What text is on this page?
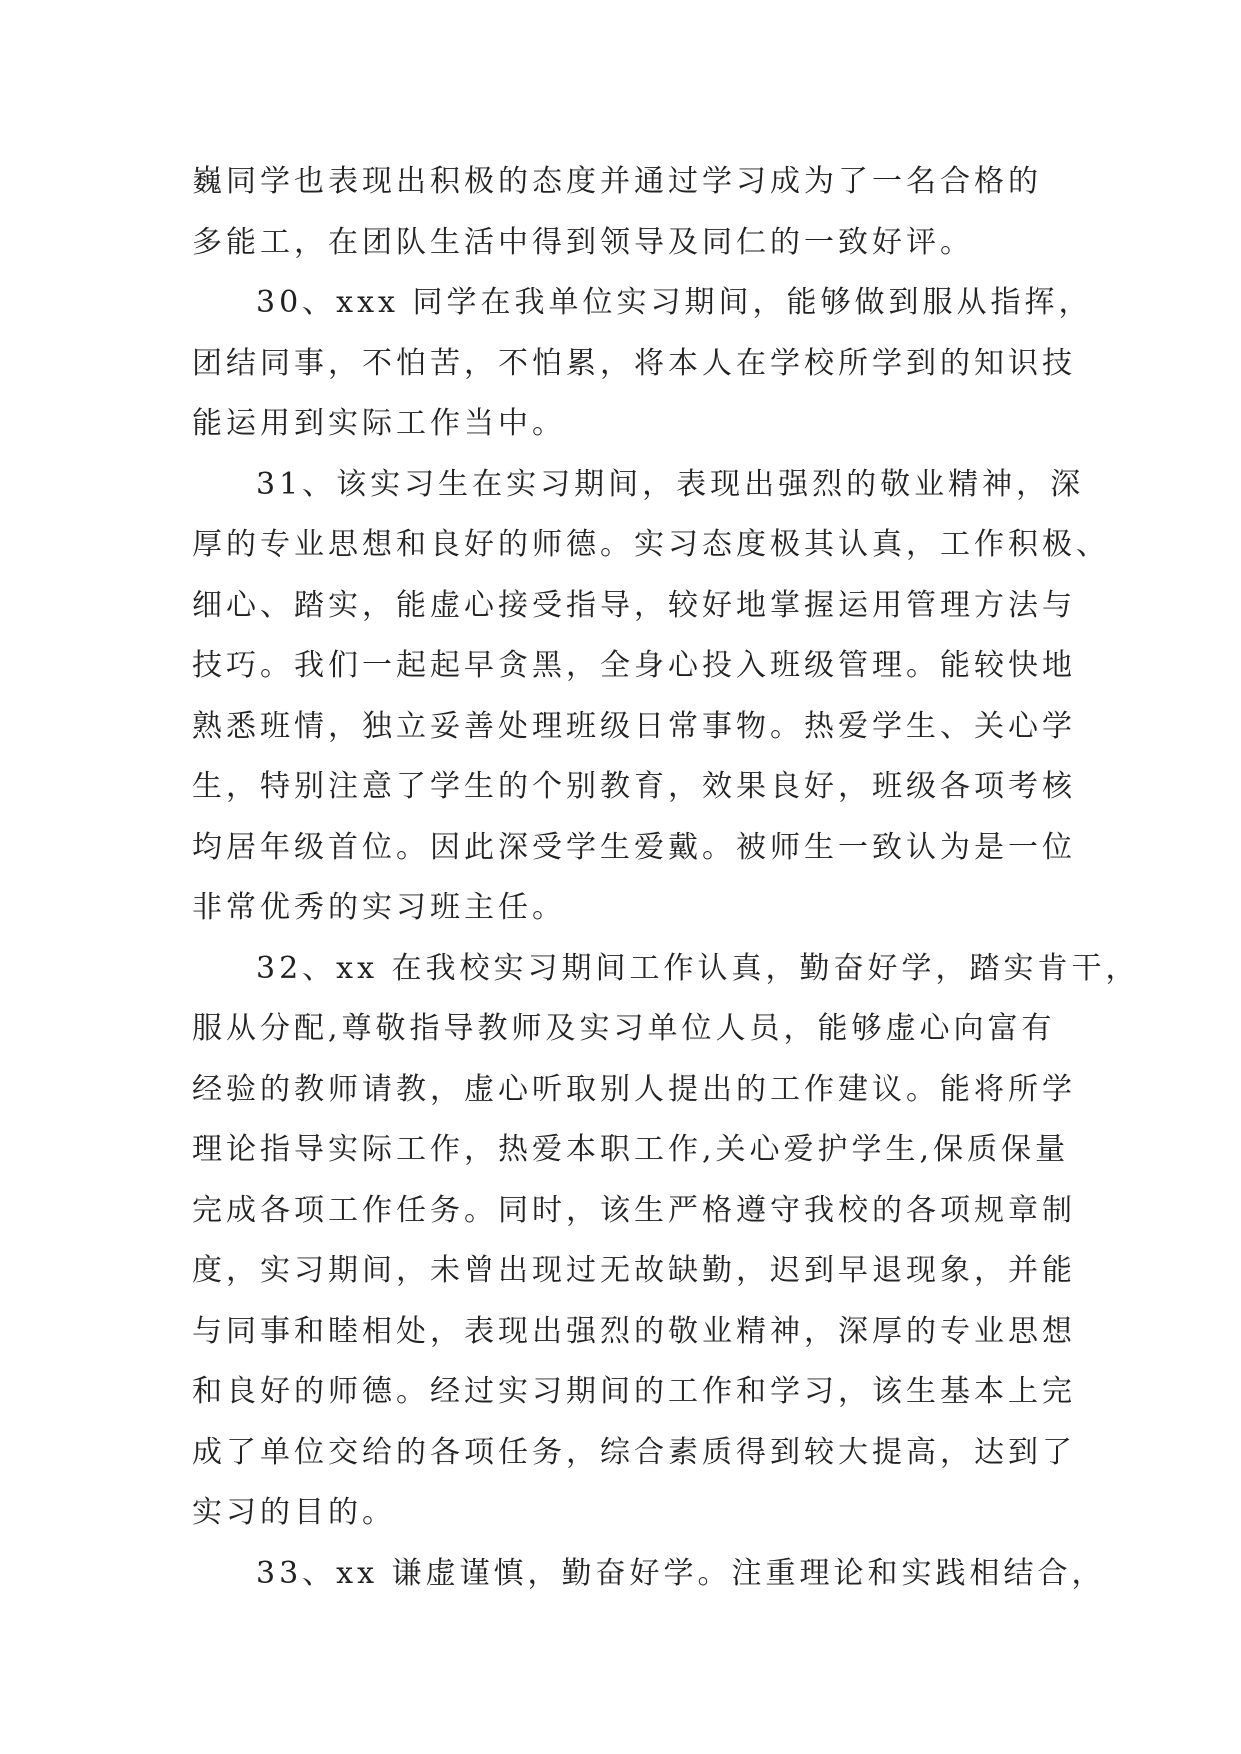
巍同学也表现出积极的态度并通过学习成为了一名合格的
多能工，在团队生活中得到领导及同仁的一致好评。
30、xxx 同学在我单位实习期间，能够做到服从指挥，
团结同事，不怕苦，不怕累，将本人在学校所学到的知识技
能运用到实际工作当中。
31、该实习生在实习期间，表现出强烈的敬业精神，深
厚的专业思想和良好的师德。实习态度极其认真，工作积极、
细心、踏实，能虚心接受指导，较好地掌握运用管理方法与
技巧。我们一起起早贪黑，全身心投入班级管理。能较快地
熟悉班情，独立妥善处理班级日常事物。热爱学生、关心学
生，特别注意了学生的个别教育，效果良好，班级各项考核
均居年级首位。因此深受学生爱戴。被师生一致认为是一位
非常优秀的实习班主任。
32、xx 在我校实习期间工作认真，勤奋好学，踏实肯干，
服从分配,尊敬指导教师及实习单位人员，能够虚心向富有
经验的教师请教，虚心听取别人提出的工作建议。能将所学
理论指导实际工作，热爱本职工作,关心爱护学生,保质保量
完成各项工作任务。同时，该生严格遵守我校的各项规章制
度，实习期间，未曾出现过无故缺勤，迟到早退现象，并能
与同事和睦相处，表现出强烈的敬业精神，深厚的专业思想
和良好的师德。经过实习期间的工作和学习，该生基本上完
成了单位交给的各项任务，综合素质得到较大提高，达到了
实习的目的。
33、xx 谦虚谨慎，勤奋好学。注重理论和实践相结合，
